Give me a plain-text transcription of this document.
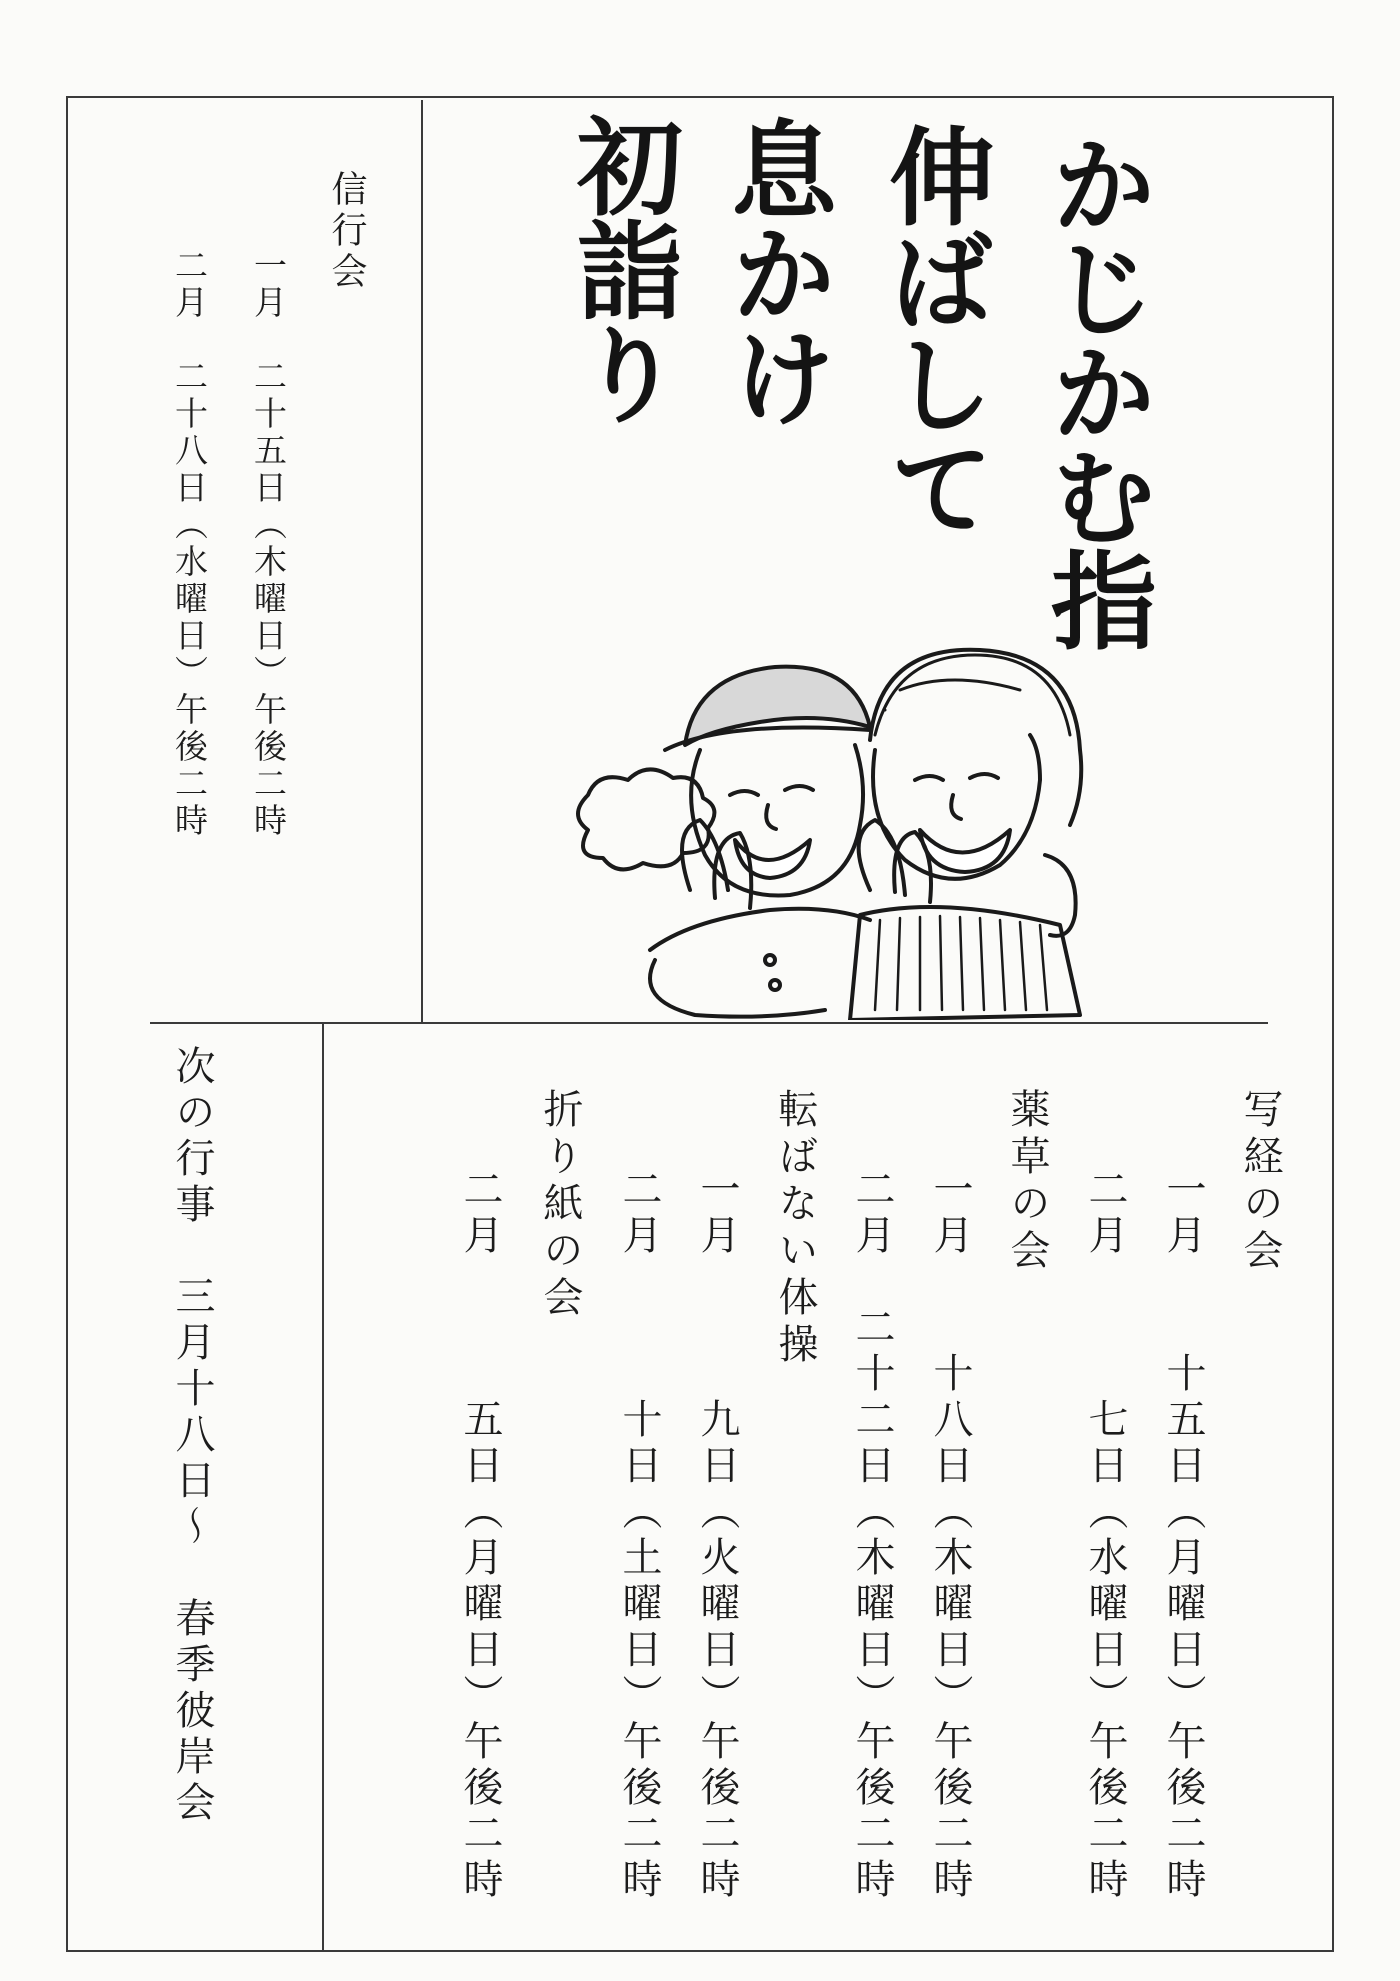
かじかむ指
伸ばして
息かけ
初詣り
信行会
一月　二十五日（木曜日）午後二時
二月　二十八日（水曜日）午後二時
写経の会
一月　　十五日（月曜日）午後二時
二月　　　七日（水曜日）午後二時
薬草の会
一月　　十八日（木曜日）午後二時
二月　二十二日（木曜日）午後二時
転ばない体操
一月　　　九日（火曜日）午後二時
二月　　　十日（土曜日）午後二時
折り紙の会
二月　　　五日（月曜日）午後二時
次の行事　三月十八日〜　春季彼岸会
